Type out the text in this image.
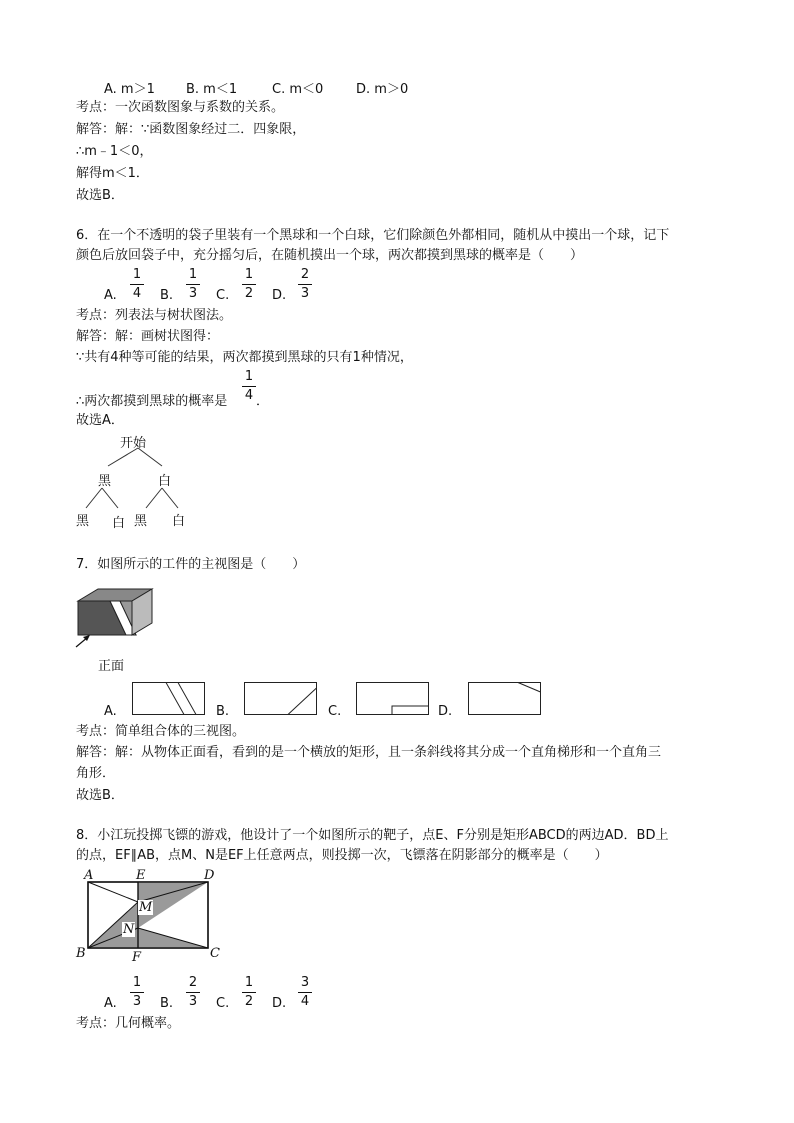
A. m＞1 B. m＜1	C. m＜0	D. m＞0
考点：一次函数图象与系数的关系。
解答：解：∵函数图象经过二．四象限，
∴m﹣1＜0，
解得m＜1．
故选B．
6．在一个不透明的袋子里装有一个黑球和一个白球，它们除颜色外都相同，随机从中摸出一个球，记下
颜色后放回袋子中，充分摇匀后，在随机摸出一个球，两次都摸到黑球的概率是（　　）
A.
1
4 B.
1
3 C.
1
2 D.
2
3
考点：列表法与树状图法。
解答：解：画树状图得：
∵共有4种等可能的结果，两次都摸到黑球的只有1种情况，
∴两次都摸到黑球的概率是
1
4 ．
故选A．
开始
黑	白
黑 白 黑 白
7．如图所示的工件的主视图是（　　）
正面
A.	B.	C.	D.
考点：简单组合体的三视图。
解答：解：从物体正面看，看到的是一个横放的矩形，且一条斜线将其分成一个直角梯形和一个直角三
角形．
故选B．
8．小江玩投掷飞镖的游戏，他设计了一个如图所示的靶子，点E、F分别是矩形ABCD的两边AD．BD上
的点，EF∥AB，点M、N是EF上任意两点，则投掷一次，飞镖落在阴影部分的概率是（　　）
A	E	D
M
N
B	F	C
A.
1
3 B.
2
3 C.
1
2 D.
3
4
考点：几何概率。
